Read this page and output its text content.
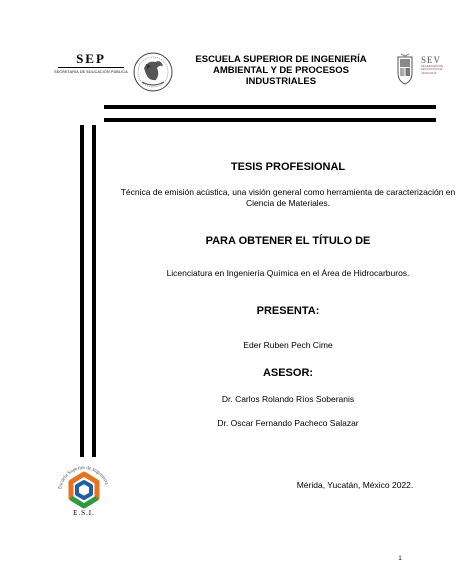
SEP
SECRETARÍA DE EDUCACIÓN PÚBLICA
ESCUELA SUPERIOR DE INGENIERÍA AMBIENTAL Y DE PROCESOS INDUSTRIALES
SEV
SECRETARÍA DE EDUCACIÓN DE VERACRUZ
TESIS PROFESIONAL
Técnica de emisión acústica, una visión general como herramienta de caracterización en Ciencia de Materiales.
PARA OBTENER EL TÍTULO DE
Licenciatura en Ingeniería Química en el Área de Hidrocarburos.
PRESENTA:
Eder Ruben Pech Cime
ASESOR:
Dr. Carlos Rolando Ríos Soberanis
Dr. Oscar Fernando Pacheco Salazar
Escuela Superior de Ingeniería
E.S.I.
Mérida, Yucatán, México 2022.
1
